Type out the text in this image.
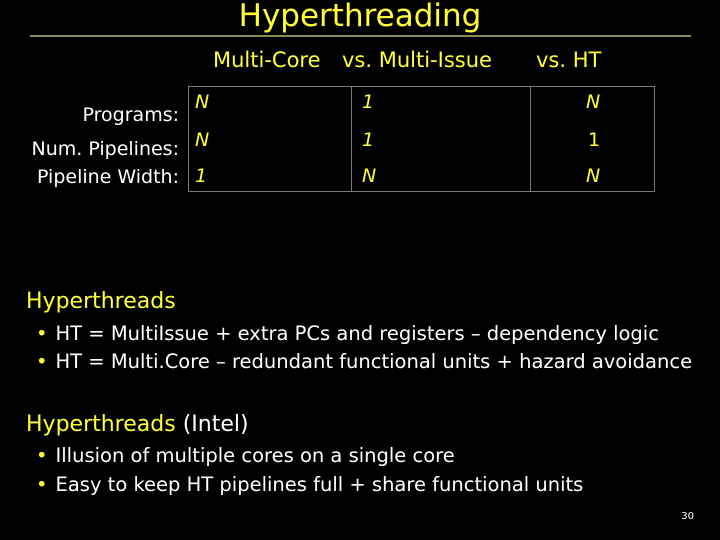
Hyperthreading
Multi-Core vs. Multi-Issue vs. HT
Programs:
Num. Pipelines:
Pipeline Width:
N
N
1
1
1
N
N
1
N
Hyperthreads
• HT = MultiIssue + extra PCs and registers – dependency logic
• HT = Multi.Core – redundant functional units + hazard avoidance
Hyperthreads (Intel)
• Illusion of multiple cores on a single core
• Easy to keep HT pipelines full + share functional units
30
